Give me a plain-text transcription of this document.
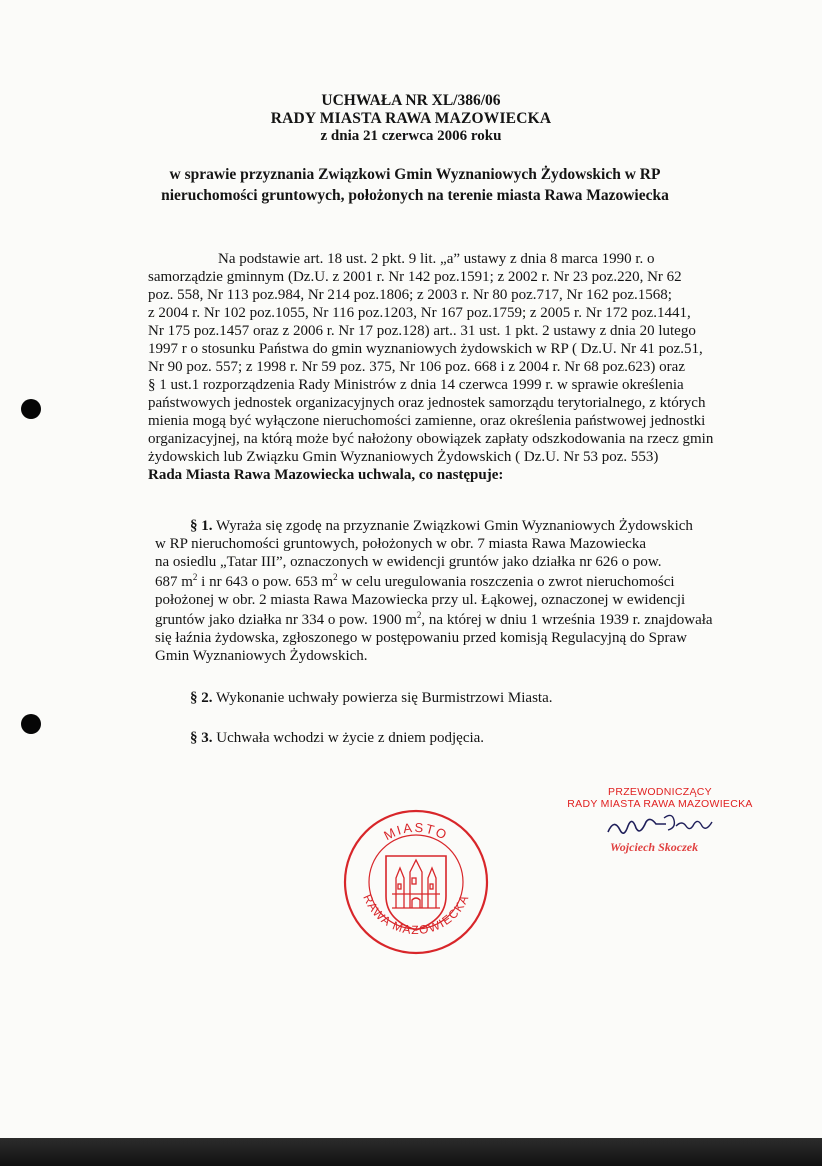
UCHWAŁA NR XL/386/06
RADY MIASTA RAWA MAZOWIECKA
z dnia 21 czerwca 2006 roku
w sprawie przyznania Związkowi Gmin Wyznaniowych Żydowskich w RP
nieruchomości gruntowych, położonych na terenie miasta Rawa Mazowiecka
Na podstawie art. 18 ust. 2 pkt. 9 lit. „a” ustawy z dnia 8 marca 1990 r. o
samorządzie gminnym (Dz.U. z 2001 r. Nr 142 poz.1591; z 2002 r. Nr 23 poz.220, Nr 62
poz. 558, Nr 113 poz.984, Nr 214 poz.1806; z 2003 r. Nr 80 poz.717, Nr 162 poz.1568;
z 2004 r. Nr 102 poz.1055, Nr 116 poz.1203, Nr 167 poz.1759; z 2005 r. Nr 172 poz.1441,
Nr 175 poz.1457 oraz z 2006 r. Nr 17 poz.128) art.. 31 ust. 1 pkt. 2 ustawy z dnia 20 lutego
1997 r o stosunku Państwa do gmin wyznaniowych żydowskich w RP ( Dz.U. Nr 41 poz.51,
Nr 90 poz. 557; z 1998 r. Nr 59 poz. 375, Nr 106 poz. 668 i z 2004 r. Nr 68 poz.623) oraz
§ 1 ust.1 rozporządzenia Rady Ministrów z dnia 14 czerwca 1999 r. w sprawie określenia
państwowych jednostek organizacyjnych oraz jednostek samorządu terytorialnego, z których
mienia mogą być wyłączone nieruchomości zamienne, oraz określenia państwowej jednostki
organizacyjnej, na którą może być nałożony obowiązek zapłaty odszkodowania na rzecz gmin
żydowskich lub Związku Gmin Wyznaniowych Żydowskich ( Dz.U. Nr 53 poz. 553)
Rada Miasta Rawa Mazowiecka uchwala, co następuje:
§ 1. Wyraża się zgodę na przyznanie Związkowi Gmin Wyznaniowych Żydowskich
w RP nieruchomości gruntowych, położonych w obr. 7 miasta Rawa Mazowiecka
na osiedlu „Tatar III”, oznaczonych w ewidencji gruntów jako działka nr 626 o pow.
687 $m^2$ i nr 643 o pow. 653 $m^2$ w celu uregulowania roszczenia o zwrot nieruchomości
położonej w obr. 2 miasta Rawa Mazowiecka przy ul. Łąkowej, oznaczonej w ewidencji
gruntów jako działka nr 334 o pow. 1900 $m^2$, na której w dniu 1 września 1939 r. znajdowała
się łaźnia żydowska, zgłoszonego w postępowaniu przed komisją Regulacyjną do Spraw
Gmin Wyznaniowych Żydowskich.
§ 2. Wykonanie uchwały powierza się Burmistrzowi Miasta.
§ 3. Uchwała wchodzi w życie z dniem podjęcia.
MIASTO
RAWA MAZOWIECKA
PRZEWODNICZĄCY
RADY MIASTA RAWA MAZOWIECKA
Wojciech Skoczek
